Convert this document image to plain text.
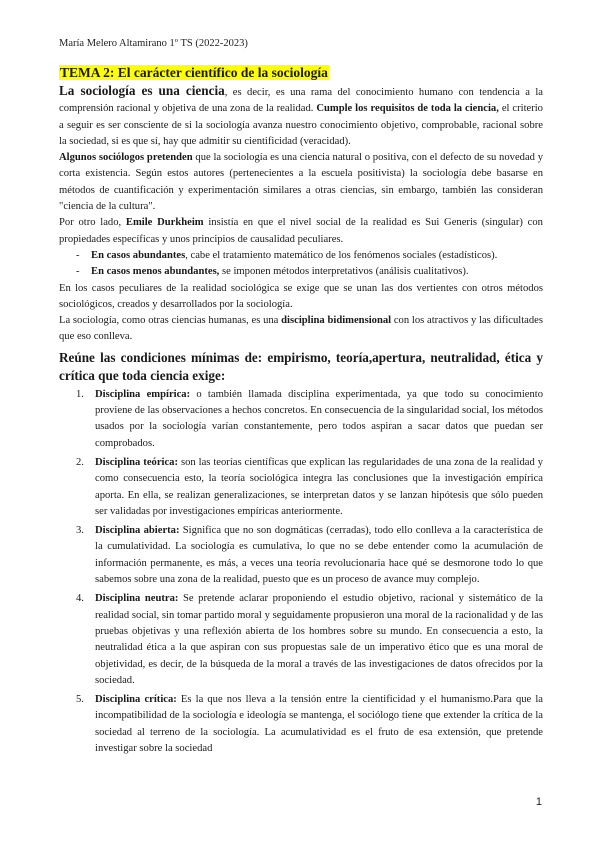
María Melero Altamirano 1º TS (2022-2023)

TEMA 2: El carácter científico de la sociología

La sociología es una ciencia, es decir, es una rama del conocimiento humano con tendencia a la comprensión racional y objetiva de una zona de la realidad. Cumple los requisitos de toda la ciencia, el criterio a seguir es ser consciente de si la sociología avanza nuestro conocimiento objetivo, comprobable, racional sobre la sociedad, si es que sí, hay que admitir su cientificidad (veracidad).

Algunos sociólogos pretenden que la sociología es una ciencia natural o positiva, con el defecto de su novedad y corta existencia. Según estos autores (pertenecientes a la escuela positivista) la sociología debe basarse en métodos de cuantificación y experimentación similares a otras ciencias, sin embargo, también las consideran "ciencia de la cultura".

Por otro lado, Emile Durkheim insistía en que el nivel social de la realidad es Sui Generis (singular) con propiedades específicas y unos principios de causalidad peculiares.

- En casos abundantes, cabe el tratamiento matemático de los fenómenos sociales (estadísticos).
- En casos menos abundantes, se imponen métodos interpretativos (análisis cualitativos).

En los casos peculiares de la realidad sociológica se exige que se unan las dos vertientes con otros métodos sociológicos, creados y desarrollados por la sociología.

La sociología, como otras ciencias humanas, es una disciplina bidimensional con los atractivos y las dificultades que eso conlleva.

Reúne las condiciones mínimas de: empirismo, teoría,apertura, neutralidad, ética y crítica que toda ciencia exige:

1. Disciplina empírica: o también llamada disciplina experimentada, ya que todo su conocimiento proviene de las observaciones a hechos concretos. En consecuencia de la singularidad social, los métodos usados por la sociología varían constantemente, pero todos aspiran a sacar datos que puedan ser comprobados.
2. Disciplina teórica: son las teorías científicas que explican las regularidades de una zona de la realidad y como consecuencia esto, la teoría sociológica integra las conclusiones que la investigación empírica aporta. En ella, se realizan generalizaciones, se interpretan datos y se lanzan hipótesis que sólo pueden ser validadas por investigaciones empíricas anteriormente.
3. Disciplina abierta: Significa que no son dogmáticas (cerradas), todo ello conlleva a la característica de la cumulatividad. La sociología es cumulativa, lo que no se debe entender como la acumulación de información permanente, es más, a veces una teoría revolucionaria hace qué se desmorone todo lo que sabemos sobre una zona de la realidad, puesto que es un proceso de avance muy complejo.
4. Disciplina neutra: Se pretende aclarar proponiendo el estudio objetivo, racional y sistemático de la realidad social, sin tomar partido moral y seguidamente propusieron una moral de la racionalidad y de las pruebas objetivas y una reflexión abierta de los hombres sobre su mundo. En consecuencia a esto, la neutralidad ética a la que aspiran con sus propuestas sale de un imperativo ético que es una moral de objetividad, es decir, de la búsqueda de la moral a través de las investigaciones de datos ofrecidos por la sociedad.
5. Disciplina crítica: Es la que nos lleva a la tensión entre la cientificidad y el humanismo.Para que la incompatibilidad de la sociología e ideología se mantenga, el sociólogo tiene que extender la crítica de la sociedad al terreno de la sociología. La acumulatividad es el fruto de esa extensión, que pretende investigar sobre la sociedad
1
